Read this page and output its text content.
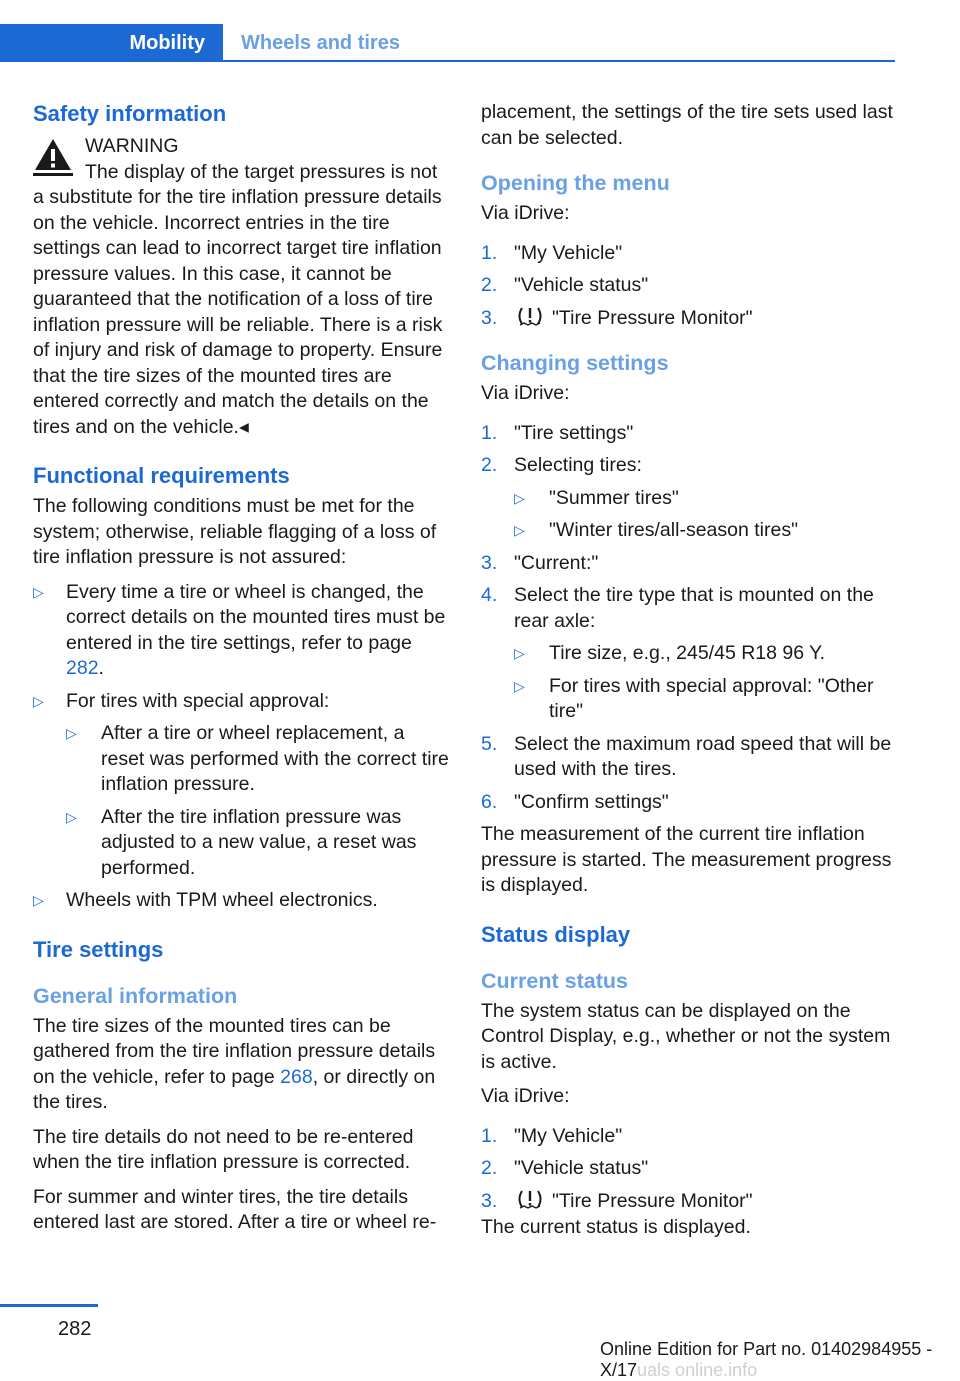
Mobility Wheels and tires
Safety information
WARNING
The display of the target pressures is not a substitute for the tire inflation pressure details on the vehicle. Incorrect entries in the tire settings can lead to incorrect target tire inflation pressure values. In this case, it cannot be guaranteed that the notification of a loss of tire inflation pressure will be reliable. There is a risk of injury and risk of damage to property. Ensure that the tire sizes of the mounted tires are entered correctly and match the details on the tires and on the vehicle.◂
Functional requirements
The following conditions must be met for the system; otherwise, reliable flagging of a loss of tire inflation pressure is not assured:
▷ Every time a tire or wheel is changed, the correct details on the mounted tires must be entered in the tire settings, refer to page 282.
▷ For tires with special approval:
▷ After a tire or wheel replacement, a reset was performed with the correct tire inflation pressure.
▷ After the tire inflation pressure was adjusted to a new value, a reset was performed.
▷ Wheels with TPM wheel electronics.
Tire settings
General information
The tire sizes of the mounted tires can be gathered from the tire inflation pressure details on the vehicle, refer to page 268, or directly on the tires.
The tire details do not need to be re-entered when the tire inflation pressure is corrected.
For summer and winter tires, the tire details entered last are stored. After a tire or wheel re-
placement, the settings of the tire sets used last can be selected.
Opening the menu
Via iDrive:
1. "My Vehicle"
2. "Vehicle status"
3.	"Tire Pressure Monitor"
Changing settings
Via iDrive:
1. "Tire settings"
2. Selecting tires:
▷ "Summer tires"
▷ "Winter tires/all-season tires"
3. "Current:"
4. Select the tire type that is mounted on the rear axle:
▷ Tire size, e.g., 245/45 R18 96 Y.
▷ For tires with special approval: "Other tire"
5. Select the maximum road speed that will be used with the tires.
6. "Confirm settings"
The measurement of the current tire inflation pressure is started. The measurement progress is displayed.
Status display
Current status
The system status can be displayed on the Control Display, e.g., whether or not the system is active.
Via iDrive:
1. "My Vehicle"
2. "Vehicle status"
3.	"Tire Pressure Monitor"
The current status is displayed.
282
Online Edition for Part no. 01402984955 - X/17uals online.info
